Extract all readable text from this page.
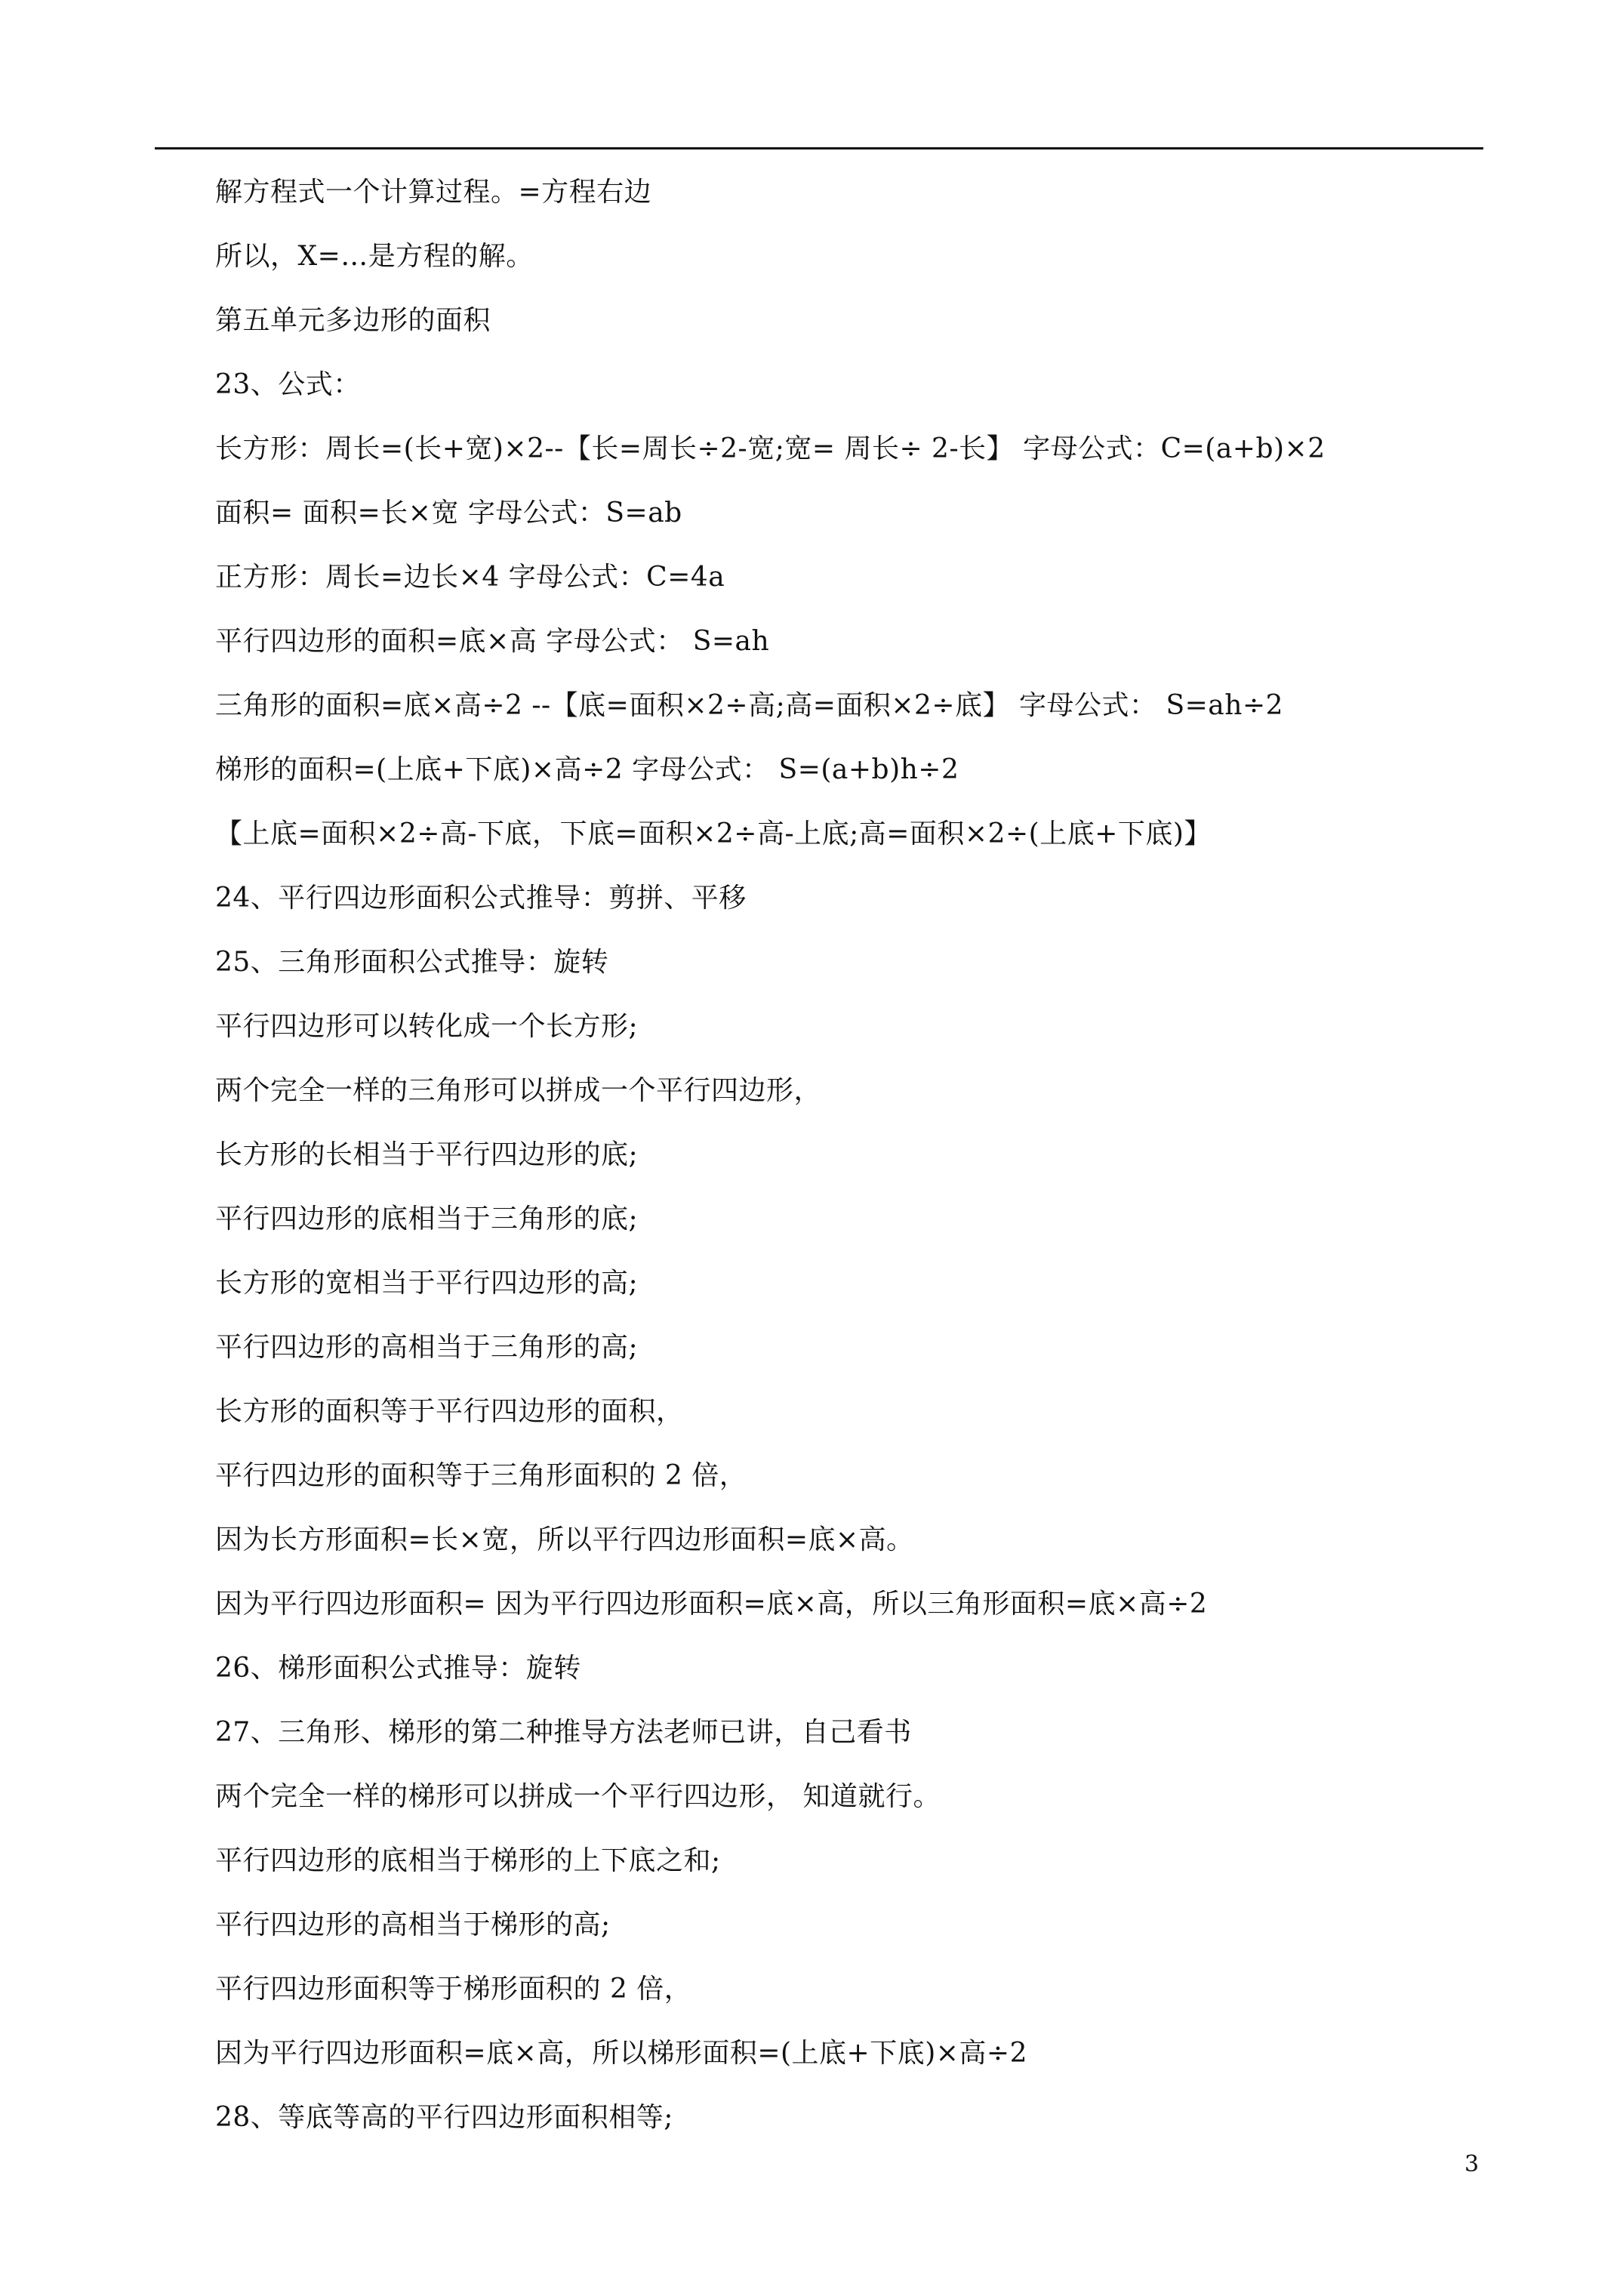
解方程式一个计算过程。=方程右边
所以，X=…是方程的解。
第五单元多边形的面积
23、公式：
长方形：周长=(长+宽)×2--【长=周长÷2-宽;宽= 周长÷ 2-长】 字母公式：C=(a+b)×2
面积= 面积=长×宽 字母公式：S=ab
正方形：周长=边长×4 字母公式：C=4a
平行四边形的面积=底×高 字母公式： S=ah
三角形的面积=底×高÷2 --【底=面积×2÷高;高=面积×2÷底】 字母公式： S=ah÷2
梯形的面积=(上底+下底)×高÷2 字母公式： S=(a+b)h÷2
【上底=面积×2÷高-下底，下底=面积×2÷高-上底;高=面积×2÷(上底+下底)】
24、平行四边形面积公式推导：剪拼、平移
25、三角形面积公式推导：旋转
平行四边形可以转化成一个长方形;
两个完全一样的三角形可以拼成一个平行四边形，
长方形的长相当于平行四边形的底;
平行四边形的底相当于三角形的底;
长方形的宽相当于平行四边形的高;
平行四边形的高相当于三角形的高;
长方形的面积等于平行四边形的面积，
平行四边形的面积等于三角形面积的 2 倍，
因为长方形面积=长×宽，所以平行四边形面积=底×高。
因为平行四边形面积= 因为平行四边形面积=底×高，所以三角形面积=底×高÷2
26、梯形面积公式推导：旋转
27、三角形、梯形的第二种推导方法老师已讲，自己看书
两个完全一样的梯形可以拼成一个平行四边形， 知道就行。
平行四边形的底相当于梯形的上下底之和;
平行四边形的高相当于梯形的高;
平行四边形面积等于梯形面积的 2 倍，
因为平行四边形面积=底×高，所以梯形面积=(上底+下底)×高÷2
28、等底等高的平行四边形面积相等;
3
